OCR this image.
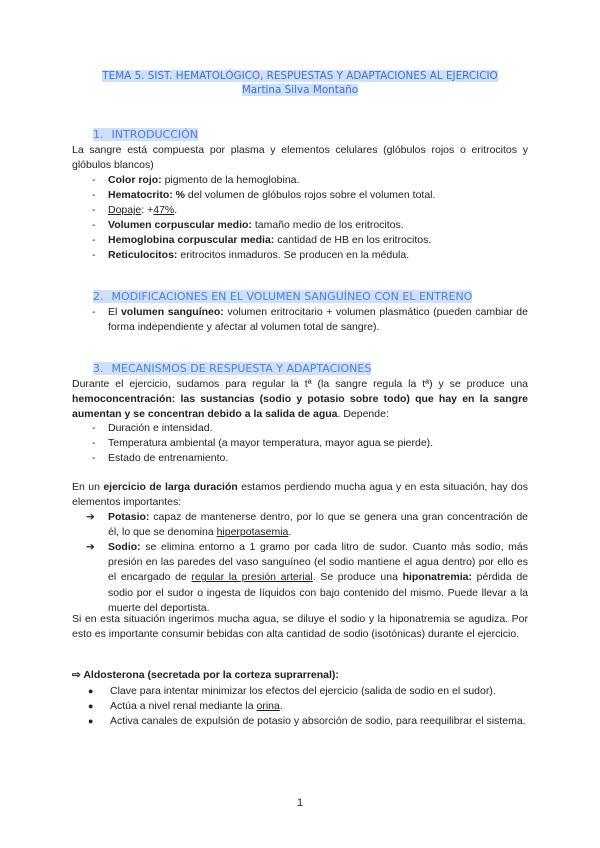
TEMA 5. SIST. HEMATOLÓGICO, RESPUESTAS Y ADAPTACIONES AL EJERCICIO
Martina Silva Montaño
1. INTRODUCCIÓN
La sangre está compuesta por plasma y elementos celulares (glóbulos rojos o eritrocitos y glóbulos blancos)
- Color rojo: pigmento de la hemoglobina.
- Hematocrito: % del volumen de glóbulos rojos sobre el volumen total.
- Dopaje: +47%.
- Volumen corpuscular medio: tamaño medio de los eritrocitos.
- Hemoglobina corpuscular media: cantidad de HB en los eritrocitos.
- Reticulocitos: eritrocitos inmaduros. Se producen en la médula.
2. MODIFICACIONES EN EL VOLUMEN SANGUÍNEO CON EL ENTRENO
- El volumen sanguíneo: volumen eritrocitario + volumen plasmático (pueden cambiar de forma independiente y afectar al volumen total de sangre).
3. MECANISMOS DE RESPUESTA Y ADAPTACIONES
Durante el ejercicio, sudamos para regular la tª (la sangre regula la tª) y se produce una hemoconcentración: las sustancias (sodio y potasio sobre todo) que hay en la sangre aumentan y se concentran debido a la salida de agua. Depende:
- Duración e intensidad.
- Temperatura ambiental (a mayor temperatura, mayor agua se pierde).
- Estado de entrenamiento.
En un ejercicio de larga duración estamos perdiendo mucha agua y en esta situación, hay dos elementos importantes:
➔ Potasio: capaz de mantenerse dentro, por lo que se genera una gran concentración de él, lo que se denomina hiperpotasemia.
➔ Sodio: se elimina entorno a 1 gramo por cada litro de sudor. Cuanto más sodio, más presión en las paredes del vaso sanguíneo (el sodio mantiene el agua dentro) por ello es el encargado de regular la presión arterial. Se produce una hiponatremia: pérdida de sodio por el sudor o ingesta de líquidos con bajo contenido del mismo. Puede llevar a la muerte del deportista.
Si en esta situación ingerimos mucha agua, se diluye el sodio y la hiponatremia se agudiza. Por esto es importante consumir bebidas con alta cantidad de sodio (isotónicas) durante el ejercicio.
⇨ Aldosterona (secretada por la corteza suprarrenal):
● Clave para intentar minimizar los efectos del ejercicio (salida de sodio en el sudor).
● Actúa a nivel renal mediante la orina.
● Activa canales de expulsión de potasio y absorción de sodio, para reequilibrar el sistema.
1
